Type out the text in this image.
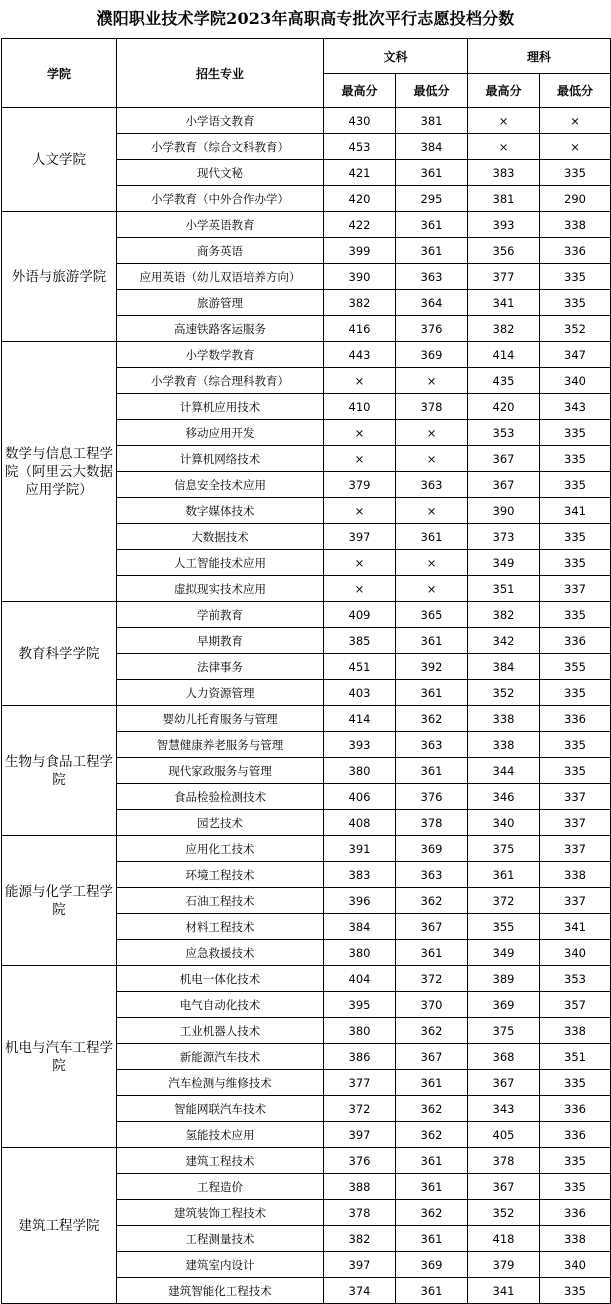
濮阳职业技术学院2023年高职高专批次平行志愿投档分数
学院	招生专业	文科		理科	
		最高分	最低分	最高分	最低分
人文学院	小学语文教育	430	381	×	×
	小学教育（综合文科教育）	453	384	×	×
	现代文秘	421	361	383	335
	小学教育（中外合作办学）	420	295	381	290
外语与旅游学院	小学英语教育	422	361	393	338
	商务英语	399	361	356	336
	应用英语（幼儿双语培养方向）	390	363	377	335
	旅游管理	382	364	341	335
	高速铁路客运服务	416	376	382	352
数学与信息工程学院（阿里云大数据应用学院）	小学数学教育	443	369	414	347
	小学教育（综合理科教育）	×	×	435	340
	计算机应用技术	410	378	420	343
	移动应用开发	×	×	353	335
	计算机网络技术	×	×	367	335
	信息安全技术应用	379	363	367	335
	数字媒体技术	×	×	390	341
	大数据技术	397	361	373	335
	人工智能技术应用	×	×	349	335
	虚拟现实技术应用	×	×	351	337
教育科学学院	学前教育	409	365	382	335
	早期教育	385	361	342	336
	法律事务	451	392	384	355
	人力资源管理	403	361	352	335
生物与食品工程学院	婴幼儿托育服务与管理	414	362	338	336
	智慧健康养老服务与管理	393	363	338	335
	现代家政服务与管理	380	361	344	335
	食品检验检测技术	406	376	346	337
	园艺技术	408	378	340	337
能源与化学工程学院	应用化工技术	391	369	375	337
	环境工程技术	383	363	361	338
	石油工程技术	396	362	372	337
	材料工程技术	384	367	355	341
	应急救援技术	380	361	349	340
机电与汽车工程学院	机电一体化技术	404	372	389	353
	电气自动化技术	395	370	369	357
	工业机器人技术	380	362	375	338
	新能源汽车技术	386	367	368	351
	汽车检测与维修技术	377	361	367	335
	智能网联汽车技术	372	362	343	336
	氢能技术应用	397	362	405	336
建筑工程学院	建筑工程技术	376	361	378	335
	工程造价	388	361	367	335
	建筑装饰工程技术	378	362	352	336
	工程测量技术	382	361	418	338
	建筑室内设计	397	369	379	340
	建筑智能化工程技术	374	361	341	335
